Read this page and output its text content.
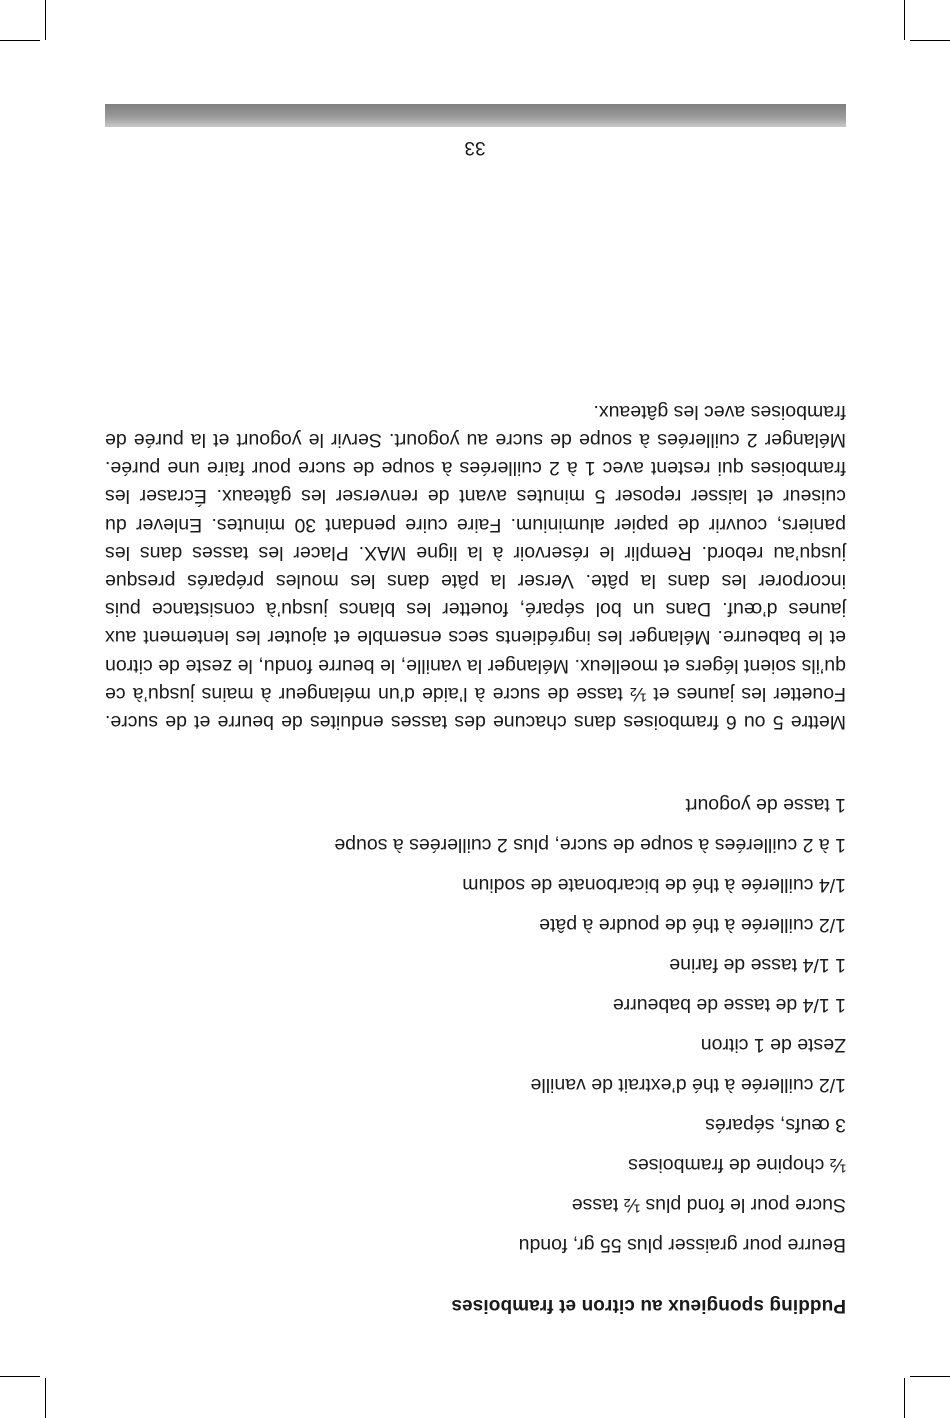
Pudding spongieux au citron et framboises

Beurre pour graisser plus 55 gr, fondu

Sucre pour le fond plus ½ tasse

½ chopine de framboises

3 œufs, séparés

1/2 cuillerée à thé d’extrait de vanille

Zeste de 1 citron

1 1/4 de tasse de babeurre

1 1/4 tasse de farine

1/2 cuillerée à thé de poudre à pâte

1/4 cuillerée à thé de bicarbonate de sodium

1 à 2 cuillerées à soupe de sucre, plus 2 cuillerées à soupe

1 tasse de yogourt

Mettre 5 ou 6 framboises dans chacune des tasses enduites de beurre et de sucre. Fouetter les jaunes et ½ tasse de sucre à l’aide d’un mélangeur à mains jusqu’à ce qu’ils soient légers et moelleux. Mélanger la vanille, le beurre fondu, le zeste de citron et le babeurre. Mélanger les ingrédients secs ensemble et ajouter les lentement aux jaunes d’œuf. Dans un bol séparé, fouetter les blancs jusqu’à consistance puis incorporer les dans la pâte. Verser la pâte dans les moules préparés presque jusqu’au rebord. Remplir le réservoir à la ligne MAX. Placer les tasses dans les paniers, couvrir de papier aluminium. Faire cuire pendant 30 minutes. Enlever du cuiseur et laisser reposer 5 minutes avant de renverser les gâteaux. Écraser les framboises qui restent avec 1 à 2 cuillerées à soupe de sucre pour faire une purée. Mélanger 2 cuillerées à soupe de sucre au yogourt. Servir le yogourt et la purée de framboises avec les gâteaux.

33
